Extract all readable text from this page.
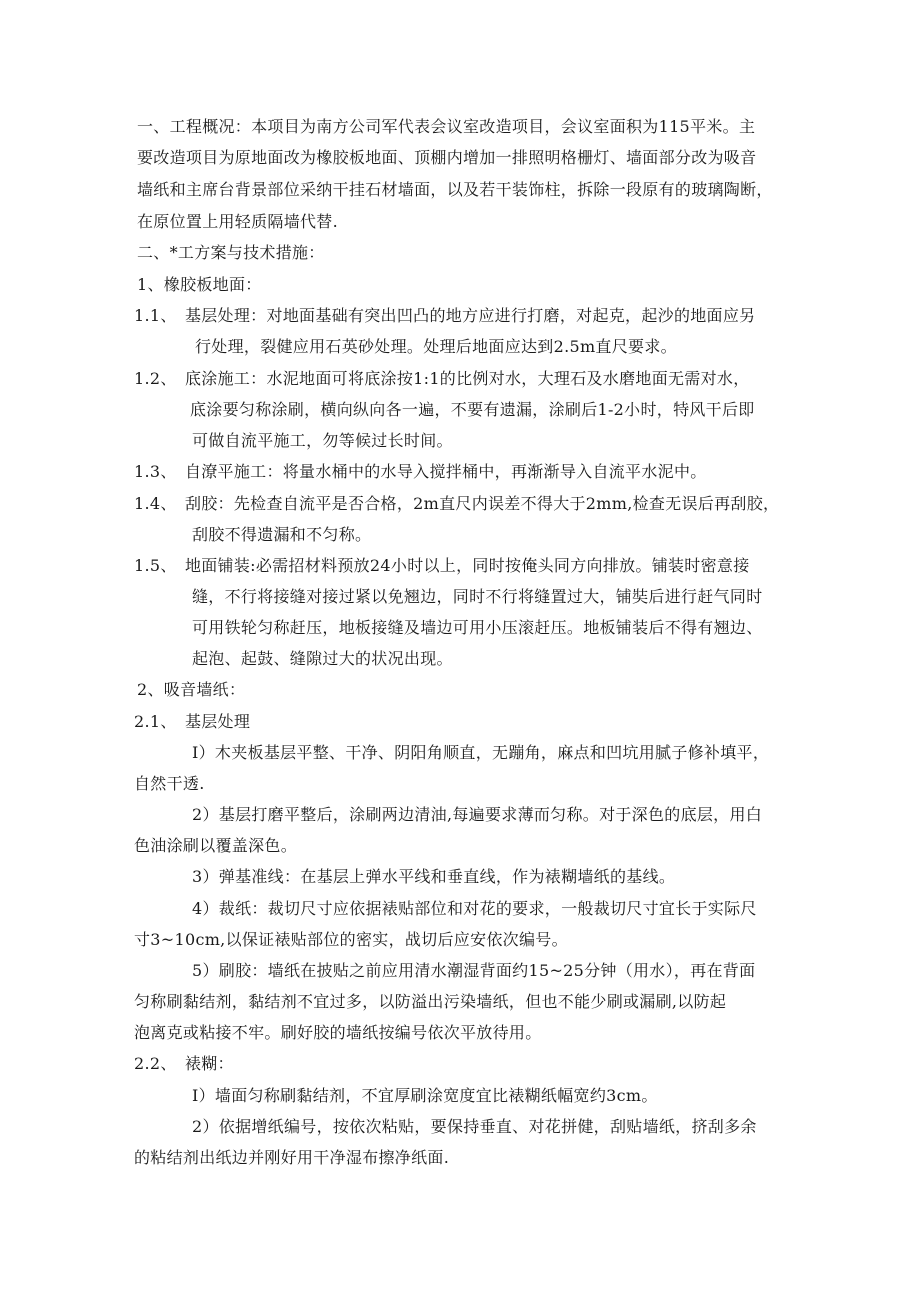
一、工程概况：本项目为南方公司军代表会议室改造项目，会议室面积为115平米。主
要改造项目为原地面改为橡胶板地面、顶棚内增加一排照明格栅灯、墙面部分改为吸音
墙纸和主席台背景部位采纳干挂石材墙面，以及若干装饰柱，拆除一段原有的玻璃陶断，
在原位置上用轻质隔墙代替.
二、*工方案与技术措施：
1、橡胶板地面：
1.1、　基层处理：对地面基础有突出凹凸的地方应进行打磨，对起克，起沙的地面应另
行处理，裂健应用石英砂处理。处理后地面应达到2.5m直尺要求。
1.2、　底涂施工：水泥地面可将底涂按1:1的比例对水，大理石及水磨地面无需对水，
底涂要匀称涂刷，横向纵向各一遍，不要有遗漏，涂刷后1-2小时，特风干后即
可做自流平施工，勿等候过长时间。
1.3、　自潦平施工：将量水桶中的水导入搅拌桶中，再渐渐导入自流平水泥中。
1.4、　刮胶：先检查自流平是否合格，2m直尺内误差不得大于2mm,检查无误后再刮胶，
刮胶不得遗漏和不匀称。
1.5、　地面铺装:必需招材料预放24小时以上，同时按俺头同方向排放。铺装时密意接
缝，不行将接缝对接过紧以免翘边，同时不行将缝置过大，铺奘后进行赶气同时
可用铁轮匀称赶压，地板接缝及墙边可用小压滚赶压。地板铺装后不得有翘边、
起泡、起鼓、缝隙过大的状况出现。
2、吸音墙纸：
2.1、　基层处理
I）木夹板基层平整、干净、阴阳角顺直，无蹦角，麻点和凹坑用腻子修补填平，
自然干透.
2）基层打磨平整后，涂刷两边清油,每遍要求薄而匀称。对于深色的底层，用白
色油涂刷以覆盖深色。
3）弹基准线：在基层上弹水平线和垂直线，作为裱糊墙纸的基线。
4）裁纸：裁切尺寸应依据裱贴部位和对花的要求，一般裁切尺寸宜长于实际尺
寸3~10cm,以保证裱贴部位的密实，战切后应安依次编号。
5）刷胶：墙纸在披贴之前应用清水潮湿背面约15~25分钟（用水），再在背面
匀称刷黏结剂，黏结剂不宜过多，以防溢出污染墙纸，但也不能少刷或漏刷,以防起
泡离克或粘接不牢。刷好胶的墙纸按编号依次平放待用。
2.2、　裱糊：
I）墙面匀称刷黏结剂，不宜厚刷涂宽度宜比裱糊纸幅宽约3cm。
2）依据增纸编号，按依次粘贴，要保持垂直、对花拼健，刮贴墙纸，挤刮多余
的粘结剂出纸边并刚好用干净湿布擦净纸面.
